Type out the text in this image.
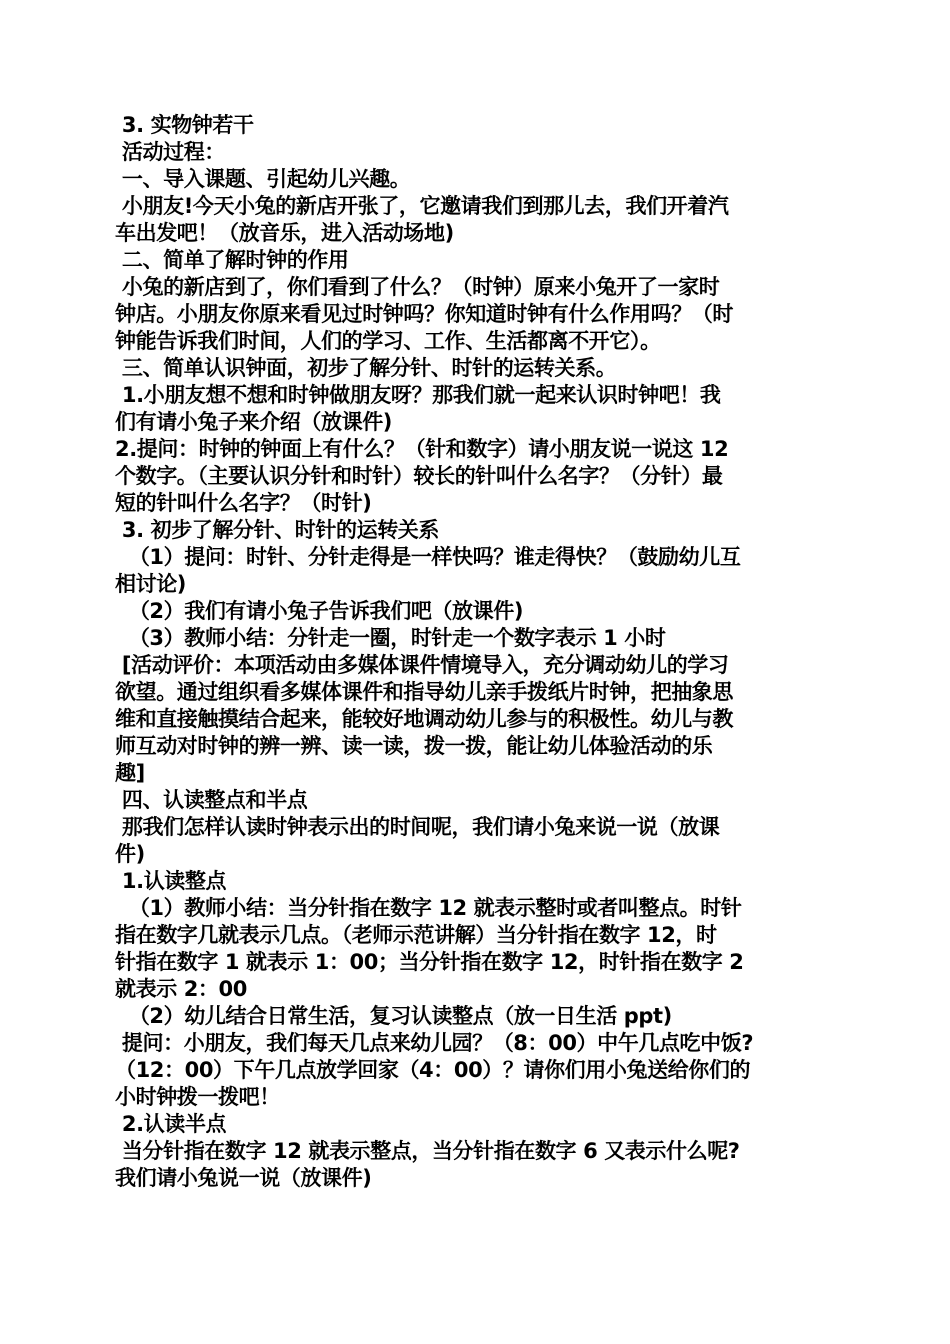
3. 实物钟若干
活动过程：
一、导入课题、引起幼儿兴趣。
小朋友!今天小兔的新店开张了，它邀请我们到那儿去，我们开着汽
车出发吧！（放音乐，进入活动场地)
二、简单了解时钟的作用
小兔的新店到了，你们看到了什么？（时钟）原来小兔开了一家时
钟店。小朋友你原来看见过时钟吗？你知道时钟有什么作用吗？（时
钟能告诉我们时间，人们的学习、工作、生活都离不开它）。
三、简单认识钟面，初步了解分针、时针的运转关系。
1.小朋友想不想和时钟做朋友呀？那我们就一起来认识时钟吧！我
们有请小兔子来介绍（放课件)
2.提问：时钟的钟面上有什么？（针和数字）请小朋友说一说这 12
个数字。（主要认识分针和时针）较长的针叫什么名字？（分针）最
短的针叫什么名字？（时针)
3. 初步了解分针、时针的运转关系
（1）提问：时针、分针走得是一样快吗？谁走得快？（鼓励幼儿互
相讨论)
（2）我们有请小兔子告诉我们吧（放课件)
（3）教师小结：分针走一圈，时针走一个数字表示 1 小时
[活动评价：本项活动由多媒体课件情境导入，充分调动幼儿的学习
欲望。通过组织看多媒体课件和指导幼儿亲手拨纸片时钟，把抽象思
维和直接触摸结合起来，能较好地调动幼儿参与的积极性。幼儿与教
师互动对时钟的辨一辨、读一读，拨一拨，能让幼儿体验活动的乐
趣]
四、认读整点和半点
那我们怎样认读时钟表示出的时间呢，我们请小兔来说一说（放课
件)
1.认读整点
（1）教师小结：当分针指在数字 12 就表示整时或者叫整点。时针
指在数字几就表示几点。（老师示范讲解）当分针指在数字 12，时
针指在数字 1 就表示 1：00；当分针指在数字 12，时针指在数字 2
就表示 2：00
（2）幼儿结合日常生活，复习认读整点（放一日生活 ppt)
提问：小朋友，我们每天几点来幼儿园？（8：00）中午几点吃中饭?
（12：00）下午几点放学回家（4：00）？请你们用小兔送给你们的
小时钟拨一拨吧！
2.认读半点
当分针指在数字 12 就表示整点，当分针指在数字 6 又表示什么呢?
我们请小兔说一说（放课件)
